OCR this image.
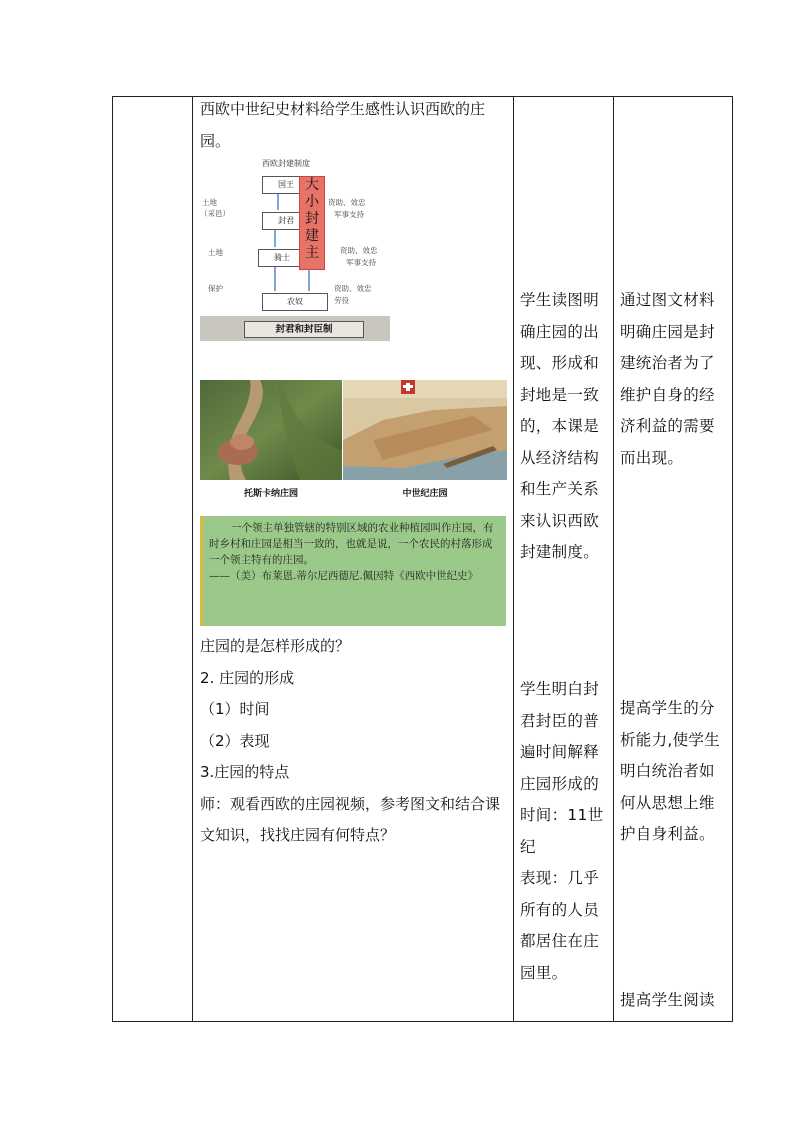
西欧中世纪史材料给学生感性认识西欧的庄园。
西欧封建制度
国王
封君
骑士
农奴
大
小
封
建
主
土地
（采邑）
土地
保护
资助、效忠
军事支持
资助、效忠
军事支持
资助、效忠
劳役
封君和封臣制
托斯卡纳庄园	中世纪庄园

一个领主单独管辖的特别区域的农业种植园叫作庄园，有时乡村和庄园是相当一致的，也就是说，一个农民的村落形成一个领主特有的庄园。

——（美）布莱恩.蒂尔尼西德尼.佩因特《西欧中世纪史》

庄园的是怎样形成的？

2. 庄园的形成

（1）时间

（2）表现

3.庄园的特点

师：观看西欧的庄园视频，参考图文和结合课文知识，找找庄园有何特点？

学生读图明确庄园的出现、形成和封地是一致的，本课是从经济结构和生产关系来认识西欧封建制度。
学生明白封君封臣的普遍时间解释庄园形成的时间：11世纪
表现：几乎所有的人员都居住在庄园里。
通过图文材料明确庄园是封建统治者为了维护自身的经济利益的需要而出现。
提高学生的分析能力,使学生明白统治者如何从思想上维护自身利益。
提高学生阅读
